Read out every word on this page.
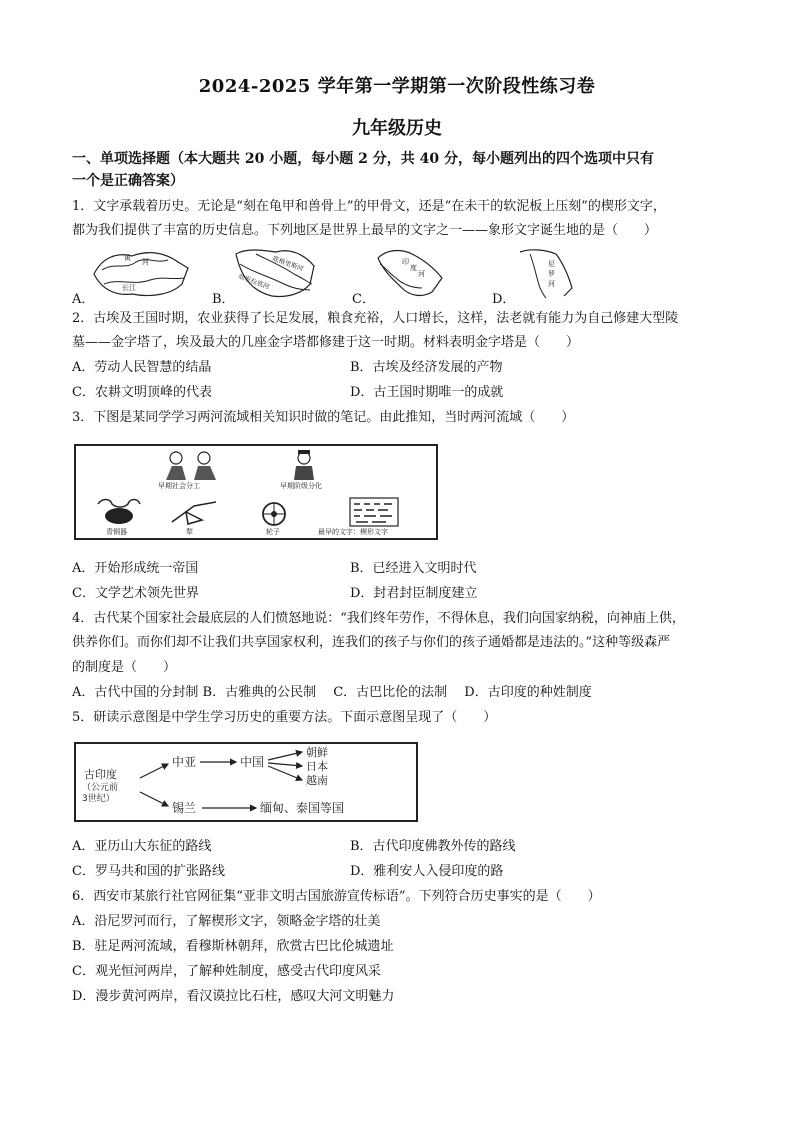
2024-2025 学年第一学期第一次阶段性练习卷
九年级历史
一、单项选择题（本大题共 20 小题，每小题 2 分，共 40 分，每小题列出的四个选项中只有
一个是正确答案）
1．文字承载着历史。无论是“刻在龟甲和兽骨上”的甲骨文，还是“在未干的软泥板上压刻”的楔形文字，
都为我们提供了丰富的历史信息。下列地区是世界上最早的文字之一——象形文字诞生地的是（　　）
A．	B．	C．	D．
黄 河
长江	幼发拉底河
底格里斯河	印
度
河
尼
罗
河
2．古埃及王国时期，农业获得了长足发展，粮食充裕，人口增长，这样，法老就有能力为自己修建大型陵
墓——金字塔了，埃及最大的几座金字塔都修建于这一时期。材料表明金字塔是（　　）
A．劳动人民智慧的结晶	B．古埃及经济发展的产物
C．农耕文明顶峰的代表	D．古王国时期唯一的成就
3．下图是某同学学习两河流域相关知识时做的笔记。由此推知，当时两河流域（　　）
早期社会分工	早期阶级分化
青铜器	犁	轮子	最早的文字：楔形文字
A．开始形成统一帝国	B．已经进入文明时代
C．文学艺术领先世界	D．封君封臣制度建立
4．古代某个国家社会最底层的人们愤怒地说：“我们终年劳作，不得休息，我们向国家纳税，向神庙上供，
供养你们。而你们却不让我们共享国家权利，连我们的孩子与你们的孩子通婚都是违法的。”这种等级森严
的制度是（　　）
A．古代中国的分封制 B．古雅典的公民制　 C．古巴比伦的法制　 D．古印度的种姓制度
5．研读示意图是中学生学习历史的重要方法。下面示意图呈现了（　　）
古印度
（公元前
3世纪）
中亚	中国
朝鲜
日本
越南
锡兰	缅甸、泰国等国
A．亚历山大东征的路线	B．古代印度佛教外传的路线
C．罗马共和国的扩张路线	D．雅利安人入侵印度的路
6．西安市某旅行社官网征集“亚非文明古国旅游宣传标语”。下列符合历史事实的是（　　）
A．沿尼罗河而行，了解楔形文字，领略金字塔的壮美
B．驻足两河流域，看穆斯林朝拜，欣赏古巴比伦城遗址
C．观光恒河两岸，了解种姓制度，感受古代印度风采
D．漫步黄河两岸，看汉谟拉比石柱，感叹大河文明魅力
